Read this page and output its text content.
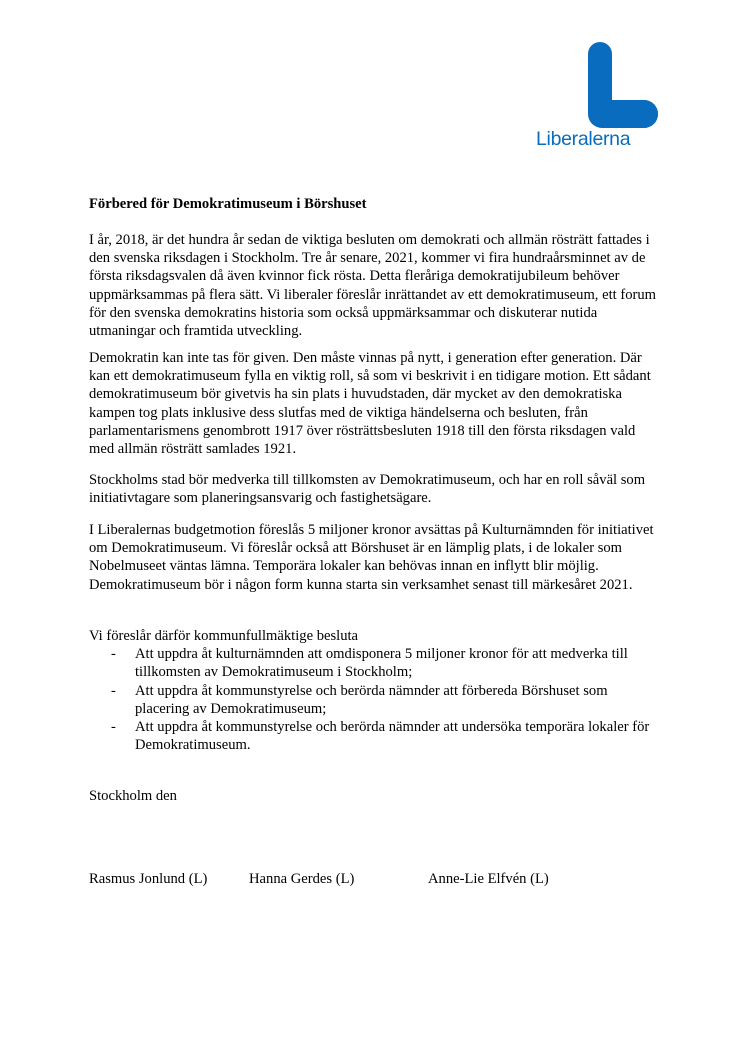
Liberalerna
Förbered för Demokratimuseum i Börshuset

I år, 2018, är det hundra år sedan de viktiga besluten om demokrati och allmän rösträtt fattades i den svenska riksdagen i Stockholm. Tre år senare, 2021, kommer vi fira hundraårsminnet av de första riksdagsvalen då även kvinnor fick rösta. Detta fleråriga demokratijubileum behöver uppmärksammas på flera sätt. Vi liberaler föreslår inrättandet av ett demokratimuseum, ett forum för den svenska demokratins historia som också uppmärksammar och diskuterar nutida utmaningar och framtida utveckling.

Demokratin kan inte tas för given. Den måste vinnas på nytt, i generation efter generation. Där kan ett demokratimuseum fylla en viktig roll, så som vi beskrivit i en tidigare motion. Ett sådant demokratimuseum bör givetvis ha sin plats i huvudstaden, där mycket av den demokratiska kampen tog plats inklusive dess slutfas med de viktiga händelserna och besluten, från parlamentarismens genombrott 1917 över rösträttsbesluten 1918 till den första riksdagen vald med allmän rösträtt samlades 1921.

Stockholms stad bör medverka till tillkomsten av Demokratimuseum, och har en roll såväl som initiativtagare som planeringsansvarig och fastighetsägare.

I Liberalernas budgetmotion föreslås 5 miljoner kronor avsättas på Kulturnämnden för initiativet om Demokratimuseum. Vi föreslår också att Börshuset är en lämplig plats, i de lokaler som Nobelmuseet väntas lämna. Temporära lokaler kan behövas innan en inflytt blir möjlig. Demokratimuseum bör i någon form kunna starta sin verksamhet senast till märkesåret 2021.

Vi föreslår därför kommunfullmäktige besluta

- Att uppdra åt kulturnämnden att omdisponera 5 miljoner kronor för att medverka till tillkomsten av Demokratimuseum i Stockholm;
- Att uppdra åt kommunstyrelse och berörda nämnder att förbereda Börshuset som placering av Demokratimuseum;
- Att uppdra åt kommunstyrelse och berörda nämnder att undersöka temporära lokaler för Demokratimuseum.
Stockholm den
Rasmus Jonlund (L)	Hanna Gerdes (L)	Anne-Lie Elfvén (L)
